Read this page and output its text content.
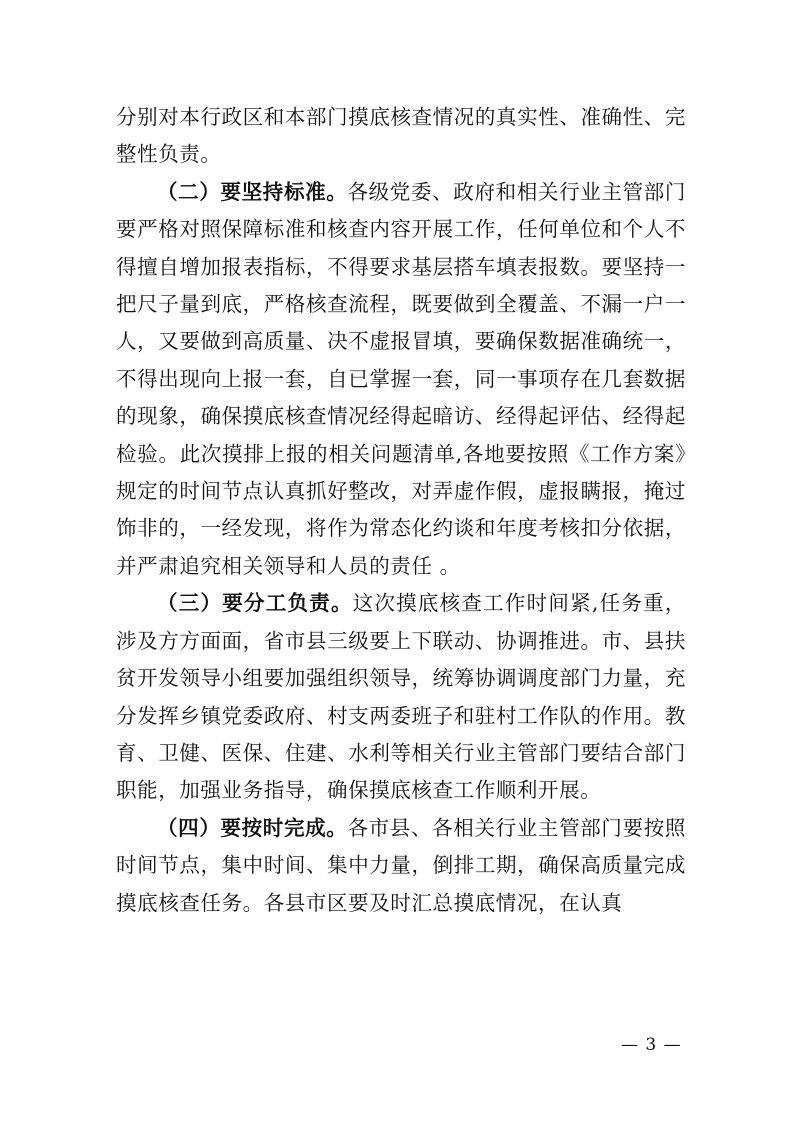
分别对本行政区和本部门摸底核查情况的真实性、准确性、完整性负责。

（二）要坚持标准。各级党委、政府和相关行业主管部门要严格对照保障标准和核查内容开展工作，任何单位和个人不得擅自增加报表指标，不得要求基层搭车填表报数。要坚持一把尺子量到底，严格核查流程，既要做到全覆盖、不漏一户一人，又要做到高质量、决不虚报冒填，要确保数据准确统一，不得出现向上报一套，自已掌握一套，同一事项存在几套数据的现象，确保摸底核查情况经得起暗访、经得起评估、经得起检验。此次摸排上报的相关问题清单,各地要按照《工作方案》规定的时间节点认真抓好整改，对弄虚作假，虚报瞒报，掩过饰非的，一经发现，将作为常态化约谈和年度考核扣分依据，并严肃追究相关领导和人员的责任 。

（三）要分工负责。这次摸底核查工作时间紧,任务重，涉及方方面面，省市县三级要上下联动、协调推进。市、县扶贫开发领导小组要加强组织领导，统筹协调调度部门力量，充分发挥乡镇党委政府、村支两委班子和驻村工作队的作用。教育、卫健、医保、住建、水利等相关行业主管部门要结合部门职能，加强业务指导，确保摸底核查工作顺利开展。

（四）要按时完成。各市县、各相关行业主管部门要按照时间节点，集中时间、集中力量，倒排工期，确保高质量完成摸底核查任务。各县市区要及时汇总摸底情况，在认真

— 3 —
